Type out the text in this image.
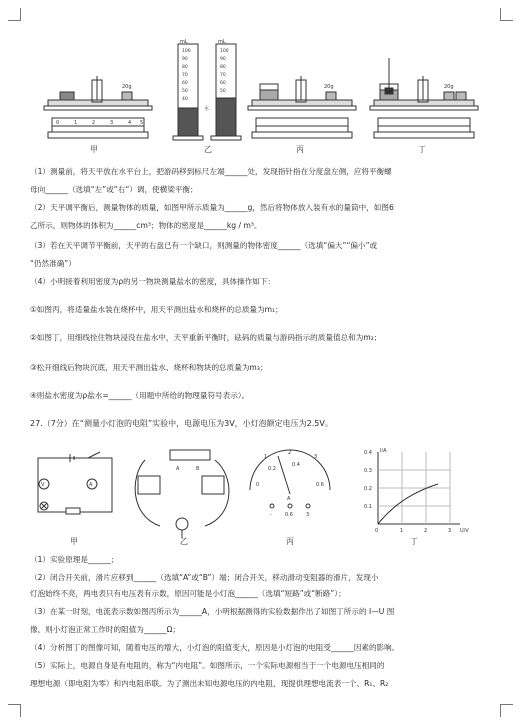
mL	mL
水
20g	20g	20g
0	1	2	3	4 5
100
90
80
70
60
50
40
100
90
80
70
60
50
甲	乙	丙	丁
（1）测量前，将天平放在水平台上，把游码移到标尺左端______处，发现指针指在分度盘左侧，应将平衡螺
母向______（选填“左”或“右”）调，使横梁平衡；
（2）天平调平衡后，测量物体的质量，如图甲所示质量为______g，然后将物体放入装有水的量筒中，如图6
乙所示，则物体的体积为______cm³；物体的密度是______kg / m³。
（3）若在天平调节平衡前，天平的右盘已有一个缺口，则测量的物体密度______（选填“偏大”“偏小”或
“仍然准确”）
（4）小明接着利用密度为ρ的另一物块测量盐水的密度，具体操作如下：
①如图丙，将适量盐水装在烧杯中，用天平测出盐水和烧杯的总质量为m₁；
②如图丁，用细线拴住物块浸没在盐水中，天平重新平衡时，砝码的质量与游码指示的质量值总和为m₂；
③松开细线后物块沉底，用天平测出盐水、烧杯和物块的总质量为m₃；
④则盐水密度为ρ盐水=______（用题中所给的物理量符号表示）。
27.（7分）在“测量小灯泡的电阻”实验中，电源电压为3V，小灯泡额定电压为2.5V。
V	A
A	B
0
0.2
0.4
0.6
1
2
3
A
-	0.6	3
I/A
U/V
0.4
0.3
0.2
0.1
0	1	2	3
甲	乙	丙	丁
（1）实验原理是______；
（2）闭合开关前，滑片应移到______（选填“A”或“B”）端；闭合开关，移动滑动变阻器的滑片，发现小
灯泡始终不亮，两电表只有电压表有示数，原因可能是小灯泡______（选填“短路”或“断路”）；
（3）在某一时刻，电流表示数如图丙所示为______A，小明根据测得的实验数据作出了如图丁所示的 I—U 图
像，则小灯泡正常工作时的阻值为______Ω；
（4）分析图丁的图像可知，随着电压的增大，小灯泡的阻值变大，原因是小灯泡的电阻受______因素的影响。
（5）实际上，电源自身是有电阻的，称为“内电阻”。如图所示，一个实际电源相当于一个电源电压相同的
理想电源（即电阻为零）和内电阻串联。为了测出未知电源电压的内电阻，现提供理想电流表一个、R₁、R₂
